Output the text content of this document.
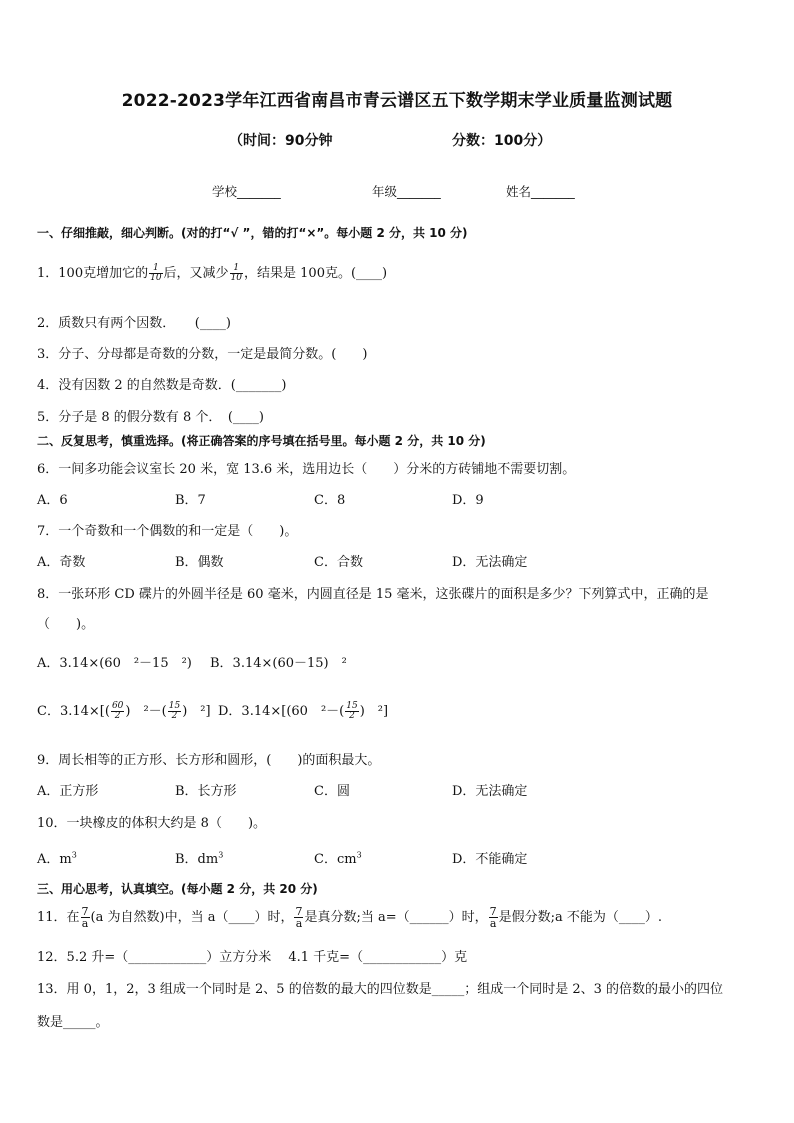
2022-2023学年江西省南昌市青云谱区五下数学期末学业质量监测试题
（时间：90分钟	分数：100分）
学校_______	年级_______	姓名_______
一、仔细推敲，细心判断。(对的打“√ ”，错的打“×”。每小题 2 分，共 10 分)
1．100克增加它的 $\frac{1}{10}$ 后，又减少 $\frac{1}{10}$ ，结果是 100克。(____)
2．质数只有两个因数．　　(____)
3．分子、分母都是奇数的分数，一定是最简分数。(　　)
4．没有因数 2 的自然数是奇数．(_______)
5．分子是 8 的假分数有 8 个．　(____)
二、反复思考，慎重选择。(将正确答案的序号填在括号里。每小题 2 分，共 10 分)
6．一间多功能会议室长 20 米，宽 13.6 米，选用边长（　　）分米的方砖铺地不需要切割。
A．6	B．7	C．8	D．9
7．一个奇数和一个偶数的和一定是（　　)。
A．奇数	B．偶数	C．合数	D．无法确定
8．一张环形 CD 碟片的外圆半径是 60 毫米，内圆直径是 15 毫米，这张碟片的面积是多少？下列算式中，正确的是
（　　)。
A．3.14×(60　²－15　²) B．3.14×(60－15)　²
C．$3.14\times[( \frac{60}{2}$ )　$^2-( \frac{15}{2}$ )　²] D．3.14×[(60　$^2-( \frac{15}{2}$ )　²]
9．周长相等的正方形、长方形和圆形，(　　)的面积最大。
A．正方形	B．长方形	C．圆	D．无法确定
10．一块橡皮的体积大约是 8（　　)。
A．$m^3$	B．$dm^3$	C．$cm^3$	D．不能确定
三、用心思考，认真填空。(每小题 2 分，共 20 分)
11．在 $\frac{7}{a} (a$ 为自然数)中，当 a（____）时， $\frac{7}{a}$ 是真分数;当 a=（______）时， $\frac{7}{a}$ 是假分数;a 不能为（____）.
12．5.2 升=（____________）立方分米　 4.1 千克=（____________）克
13．用 0，1，2，3 组成一个同时是 2、5 的倍数的最大的四位数是_____；组成一个同时是 2、3 的倍数的最小的四位
数是_____。
